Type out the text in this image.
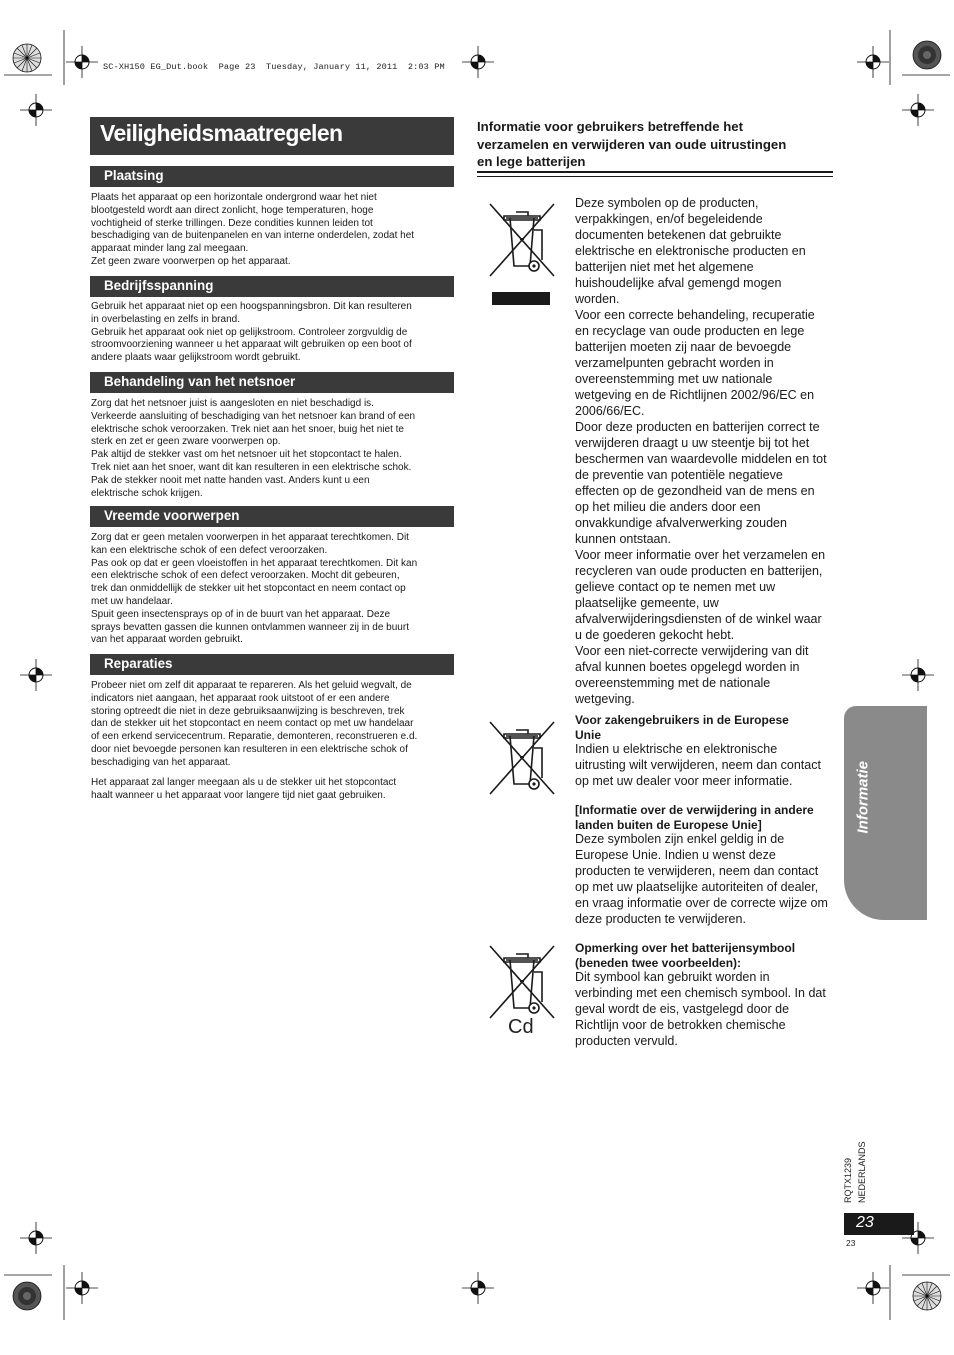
SC-XH150 EG_Dut.book  Page 23  Tuesday, January 11, 2011  2:03 PM
Veiligheidsmaatregelen
Plaatsing

Plaats het apparaat op een horizontale ondergrond waar het niet
blootgesteld wordt aan direct zonlicht, hoge temperaturen, hoge
vochtigheid of sterke trillingen. Deze condities kunnen leiden tot
beschadiging van de buitenpanelen en van interne onderdelen, zodat het
apparaat minder lang zal meegaan.
Zet geen zware voorwerpen op het apparaat.

Bedrijfsspanning

Gebruik het apparaat niet op een hoogspanningsbron. Dit kan resulteren
in overbelasting en zelfs in brand.
Gebruik het apparaat ook niet op gelijkstroom. Controleer zorgvuldig de
stroomvoorziening wanneer u het apparaat wilt gebruiken op een boot of
andere plaats waar gelijkstroom wordt gebruikt.

Behandeling van het netsnoer

Zorg dat het netsnoer juist is aangesloten en niet beschadigd is.
Verkeerde aansluiting of beschadiging van het netsnoer kan brand of een
elektrische schok veroorzaken. Trek niet aan het snoer, buig het niet te
sterk en zet er geen zware voorwerpen op.
Pak altijd de stekker vast om het netsnoer uit het stopcontact te halen.
Trek niet aan het snoer, want dit kan resulteren in een elektrische schok.
Pak de stekker nooit met natte handen vast. Anders kunt u een
elektrische schok krijgen.

Vreemde voorwerpen

Zorg dat er geen metalen voorwerpen in het apparaat terechtkomen. Dit
kan een elektrische schok of een defect veroorzaken.
Pas ook op dat er geen vloeistoffen in het apparaat terechtkomen. Dit kan
een elektrische schok of een defect veroorzaken. Mocht dit gebeuren,
trek dan onmiddellijk de stekker uit het stopcontact en neem contact op
met uw handelaar.
Spuit geen insectensprays op of in de buurt van het apparaat. Deze
sprays bevatten gassen die kunnen ontvlammen wanneer zij in de buurt
van het apparaat worden gebruikt.

Reparaties

Probeer niet om zelf dit apparaat te repareren. Als het geluid wegvalt, de
indicators niet aangaan, het apparaat rook uitstoot of er een andere
storing optreedt die niet in deze gebruiksaanwijzing is beschreven, trek
dan de stekker uit het stopcontact en neem contact op met uw handelaar
of een erkend servicecentrum. Reparatie, demonteren, reconstrueren e.d.
door niet bevoegde personen kan resulteren in een elektrische schok of
beschadiging van het apparaat.

Het apparaat zal langer meegaan als u de stekker uit het stopcontact
haalt wanneer u het apparaat voor langere tijd niet gaat gebruiken.

Informatie voor gebruikers betreffende het
verzamelen en verwijderen van oude uitrustingen
en lege batterijen

Deze symbolen op de producten,
verpakkingen, en/of begeleidende
documenten betekenen dat gebruikte
elektrische en elektronische producten en
batterijen niet met het algemene
huishoudelijke afval gemengd mogen
worden.
Voor een correcte behandeling, recuperatie
en recyclage van oude producten en lege
batterijen moeten zij naar de bevoegde
verzamelpunten gebracht worden in
overeenstemming met uw nationale
wetgeving en de Richtlijnen 2002/96/EC en
2006/66/EC.
Door deze producten en batterijen correct te
verwijderen draagt u uw steentje bij tot het
beschermen van waardevolle middelen en tot
de preventie van potentiële negatieve
effecten op de gezondheid van de mens en
op het milieu die anders door een
onvakkundige afvalverwerking zouden
kunnen ontstaan.
Voor meer informatie over het verzamelen en
recycleren van oude producten en batterijen,
gelieve contact op te nemen met uw
plaatselijke gemeente, uw
afvalverwijderingsdiensten of de winkel waar
u de goederen gekocht hebt.
Voor een niet-correcte verwijdering van dit
afval kunnen boetes opgelegd worden in
overeenstemming met de nationale
wetgeving.

Voor zakengebruikers in de Europese
Unie

Indien u elektrische en elektronische
uitrusting wilt verwijderen, neem dan contact
op met uw dealer voor meer informatie.

[Informatie over de verwijdering in andere
landen buiten de Europese Unie]

Deze symbolen zijn enkel geldig in de
Europese Unie. Indien u wenst deze
producten te verwijderen, neem dan contact
op met uw plaatselijke autoriteiten of dealer,
en vraag informatie over de correcte wijze om
deze producten te verwijderen.

Cd

Opmerking over het batterijensymbool
(beneden twee voorbeelden):

Dit symbool kan gebruikt worden in
verbinding met een chemisch symbool. In dat
geval wordt de eis, vastgelegd door de
Richtlijn voor de betrokken chemische
producten vervuld.

Informatie
RQTX1239 NEDERLANDS
23
23
